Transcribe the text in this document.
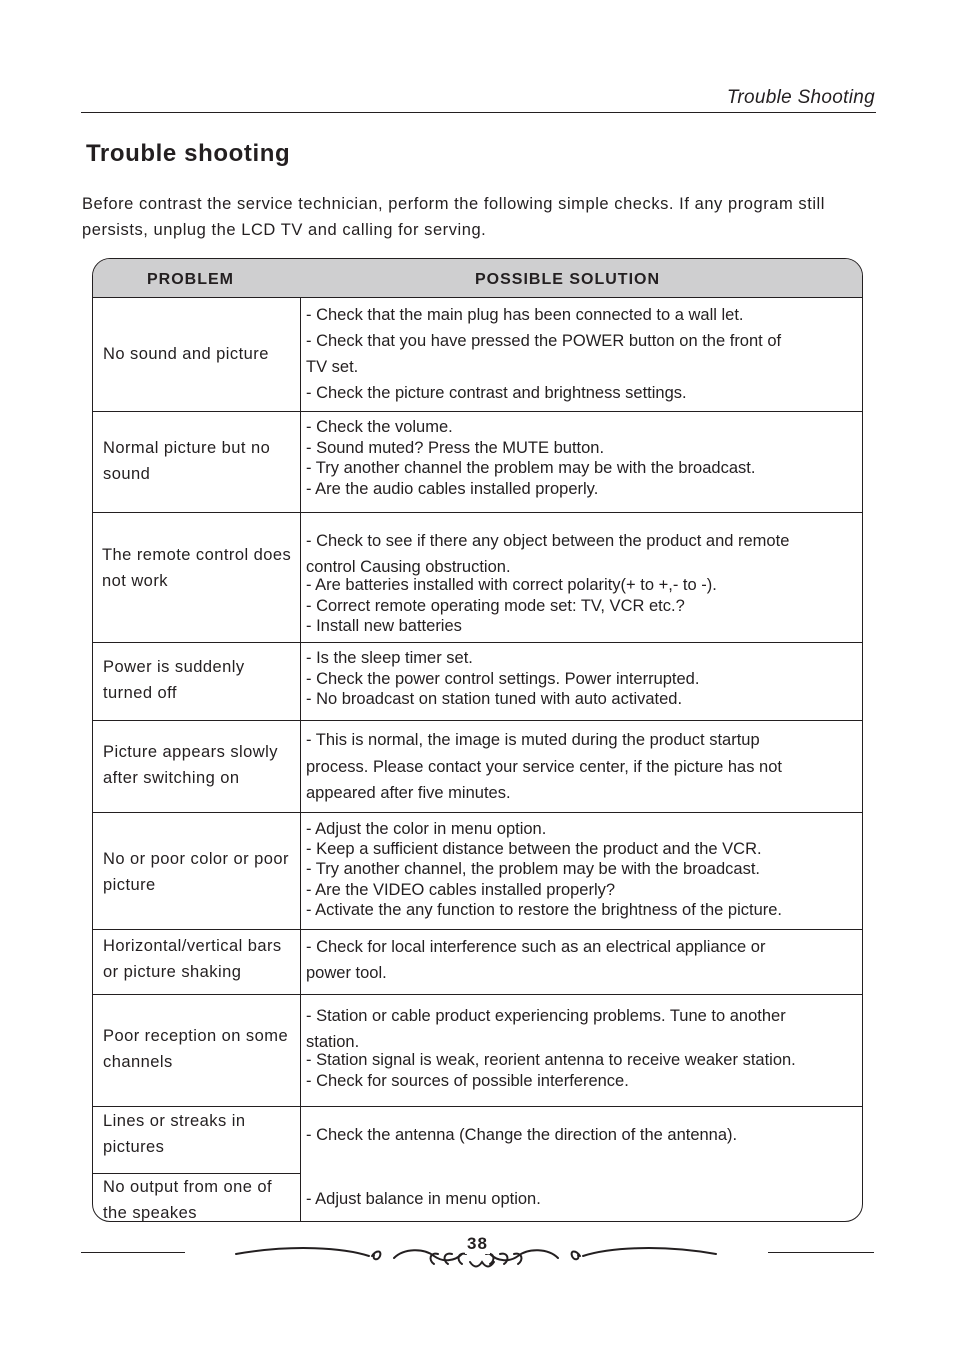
Trouble Shooting
Trouble shooting

Before contrast the service technician, perform the following simple checks. If any program still persists, unplug the LCD TV and calling for serving.

PROBLEM	POSSIBLE SOLUTION
No sound and picture
- Check that the main plug has been connected to a wall let.
- Check that you have pressed the POWER button on the front of
TV set.
- Check the picture contrast and brightness settings.
Normal picture but no sound
- Check the volume.
- Sound muted? Press the MUTE button.
- Try another channel the problem may be with the broadcast.
- Are the audio cables installed properly.
The remote control does not work
- Check to see if there any object between the product and remote
control Causing obstruction.
- Are batteries installed with correct polarity(+ to +,- to -).
- Correct remote operating mode set: TV, VCR etc.?
- Install new batteries
Power is suddenly turned off
- Is the sleep timer set.
- Check the power control settings. Power interrupted.
- No broadcast on station tuned with auto activated.
Picture appears slowly after switching on
- This is normal, the image is muted during the product startup
process. Please contact your service center, if the picture has not
appeared after five minutes.
No or poor color or poor picture
- Adjust the color in menu option.
- Keep a sufficient distance between the product and the VCR.
- Try another channel, the problem may be with the broadcast.
- Are the VIDEO cables installed properly?
- Activate the any function to restore the brightness of the picture.
Horizontal/vertical bars or picture shaking
- Check for local interference such as an electrical appliance or
power tool.
Poor reception on some channels
- Station or cable product experiencing problems. Tune to another
station.
- Station signal is weak, reorient antenna to receive weaker station.
- Check for sources of possible interference.
Lines or streaks in pictures
- Check the antenna (Change the direction of the antenna).
No output from one of the speakes
- Adjust balance in menu option.
38
